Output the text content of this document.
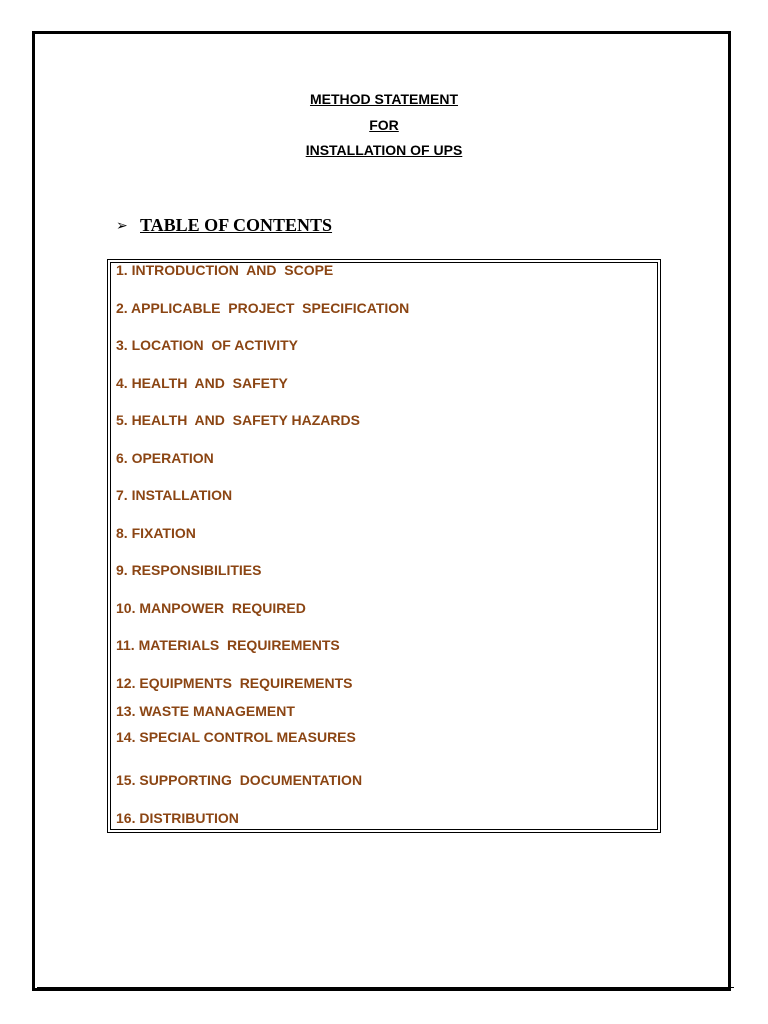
METHOD STATEMENT
FOR
INSTALLATION OF UPS
➢ TABLE OF CONTENTS
1. INTRODUCTION  AND  SCOPE
2. APPLICABLE  PROJECT  SPECIFICATION
3. LOCATION  OF ACTIVITY
4. HEALTH  AND  SAFETY
5. HEALTH  AND  SAFETY HAZARDS
6. OPERATION
7. INSTALLATION
8. FIXATION
9. RESPONSIBILITIES
10. MANPOWER  REQUIRED
11. MATERIALS  REQUIREMENTS
12. EQUIPMENTS  REQUIREMENTS
13. WASTE MANAGEMENT
14. SPECIAL CONTROL MEASURES
15. SUPPORTING  DOCUMENTATION
16. DISTRIBUTION
